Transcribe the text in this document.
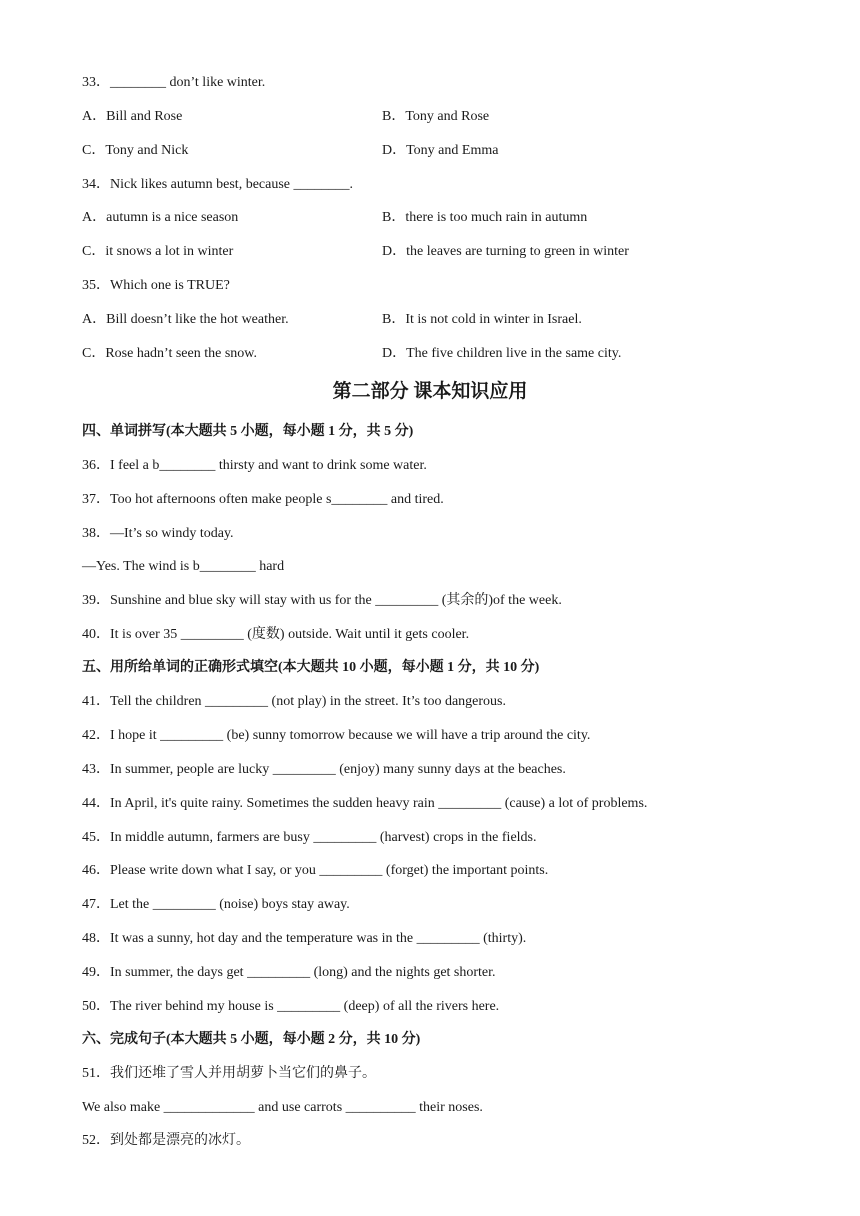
33．________ don’t like winter.
A．Bill and Rose	B．Tony and Rose
C．Tony and Nick	D．Tony and Emma
34．Nick likes autumn best, because ________.
A．autumn is a nice season	B．there is too much rain in autumn
C．it snows a lot in winter	D．the leaves are turning to green in winter
35．Which one is TRUE?
A．Bill doesn’t like the hot weather.	B．It is not cold in winter in Israel.
C．Rose hadn’t seen the snow.	D．The five children live in the same city.
第二部分 课本知识应用
四、单词拼写(本大题共 5 小题，每小题 1 分，共 5 分)
36．I feel a b________ thirsty and want to drink some water.
37．Too hot afternoons often make people s________ and tired.
38．—It’s so windy today.
—Yes. The wind is b________ hard
39．Sunshine and blue sky will stay with us for the _________ (其余的)of the week.
40．It is over 35 _________ (度数) outside. Wait until it gets cooler.
五、用所给单词的正确形式填空(本大题共 10 小题，每小题 1 分，共 10 分)
41．Tell the children _________ (not play) in the street. It’s too dangerous.
42．I hope it _________ (be) sunny tomorrow because we will have a trip around the city.
43．In summer, people are lucky _________ (enjoy) many sunny days at the beaches.
44．In April, it's quite rainy. Sometimes the sudden heavy rain _________ (cause) a lot of problems.
45．In middle autumn, farmers are busy _________ (harvest) crops in the fields.
46．Please write down what I say, or you _________ (forget) the important points.
47．Let the _________ (noise) boys stay away.
48．It was a sunny, hot day and the temperature was in the _________ (thirty).
49．In summer, the days get _________ (long) and the nights get shorter.
50．The river behind my house is _________ (deep) of all the rivers here.
六、完成句子(本大题共 5 小题，每小题 2 分，共 10 分)
51．我们还堆了雪人并用胡萝卜当它们的鼻子。
We also make _____________ and use carrots __________ their noses.
52．到处都是漂亮的冰灯。
